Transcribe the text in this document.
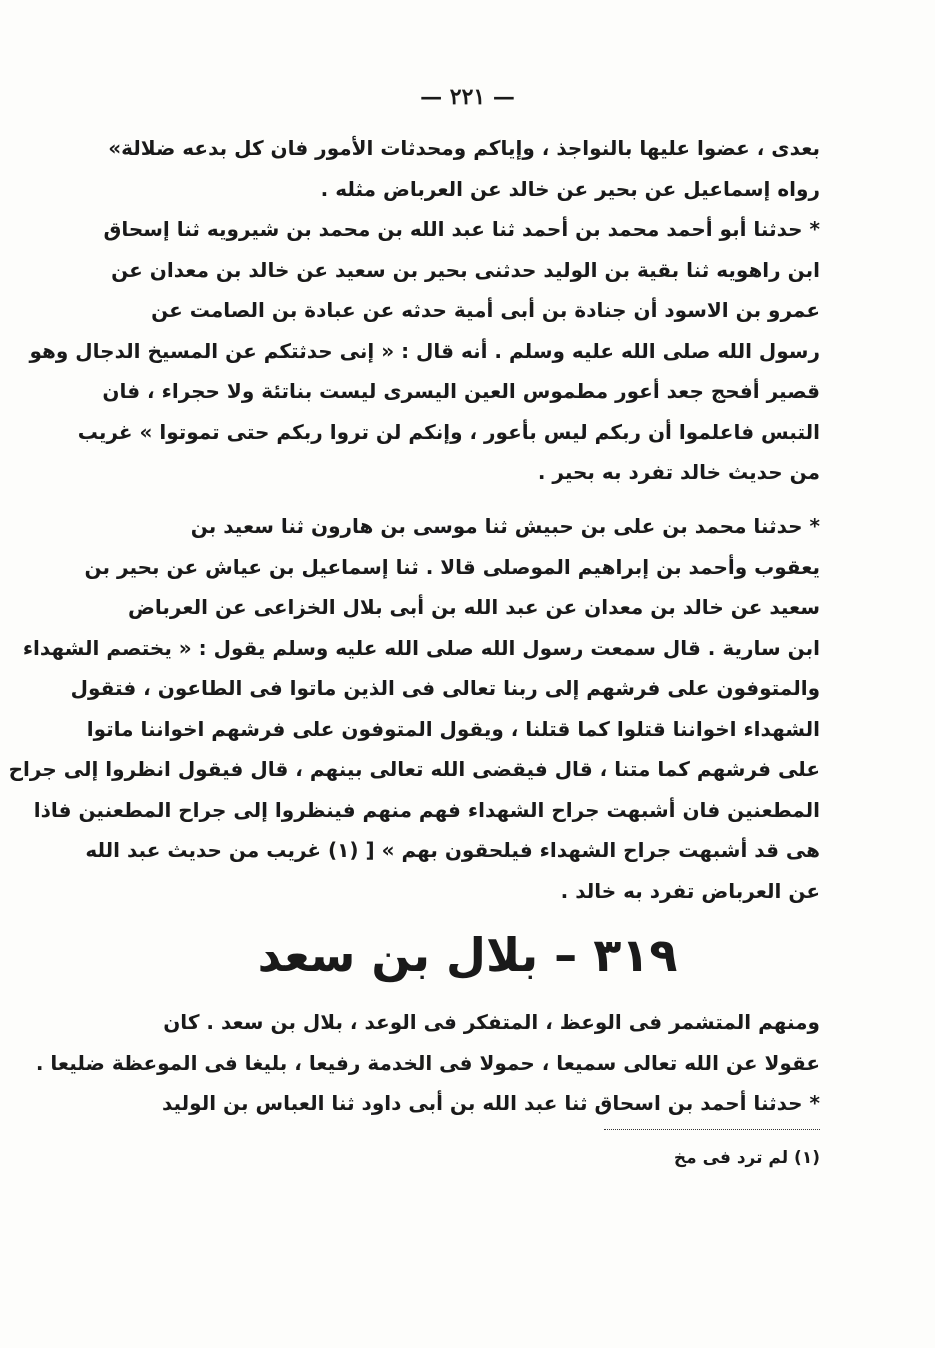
— ٢٢١ —
بعدى ، عضوا عليها بالنواجذ ، وإياكم ومحدثات الأمور فان كل بدعه ضلالة»
رواه إسماعيل عن بحير عن خالد عن العرباض مثله .
* حدثنا أبو أحمد محمد بن أحمد ثنا عبد الله بن محمد بن شيرويه ثنا إسحاق
ابن راهويه ثنا بقية بن الوليد حدثنى بحير بن سعيد عن خالد بن معدان عن
عمرو بن الاسود أن جنادة بن أبى أمية حدثه عن عبادة بن الصامت عن
رسول الله صلى الله عليه وسلم . أنه قال : « إنى حدثتكم عن المسيخ الدجال وهو
قصير أفحج جعد أعور مطموس العين اليسرى ليست بناتئة ولا حجراء ، فان
التبس فاعلموا أن ربكم ليس بأعور ، وإنكم لن تروا ربكم حتى تموتوا » غريب
من حديث خالد تفرد به بحير .
* حدثنا محمد بن على بن حبيش ثنا موسى بن هارون ثنا سعيد بن
يعقوب وأحمد بن إبراهيم الموصلى قالا . ثنا إسماعيل بن عياش عن بحير بن
سعيد عن خالد بن معدان عن عبد الله بن أبى بلال الخزاعى عن العرباض
ابن سارية . قال سمعت رسول الله صلى الله عليه وسلم يقول : « يختصم الشهداء
والمتوفون على فرشهم إلى ربنا تعالى فى الذين ماتوا فى الطاعون ، فتقول
الشهداء اخواننا قتلوا كما قتلنا ، ويقول المتوفون على فرشهم اخواننا ماتوا
على فرشهم كما متنا ، قال فيقضى الله تعالى بينهم ، قال فيقول انظروا إلى جراح
المطعنين فان أشبهت جراح الشهداء فهم منهم فينظروا إلى جراح المطعنين فاذا
هى قد أشبهت جراح الشهداء فيلحقون بهم » [ (١) غريب من حديث عبد الله
عن العرباض تفرد به خالد .
٣١٩ – بلال بن سعد
ومنهم المتشمر فى الوعظ ، المتفكر فى الوعد ، بلال بن سعد . كان
عقولا عن الله تعالى سميعا ، حمولا فى الخدمة رفيعا ، بليغا فى الموعظة ضليعا .
* حدثنا أحمد بن اسحاق ثنا عبد الله بن أبى داود ثنا العباس بن الوليد
(١) لم ترد فى مخ
